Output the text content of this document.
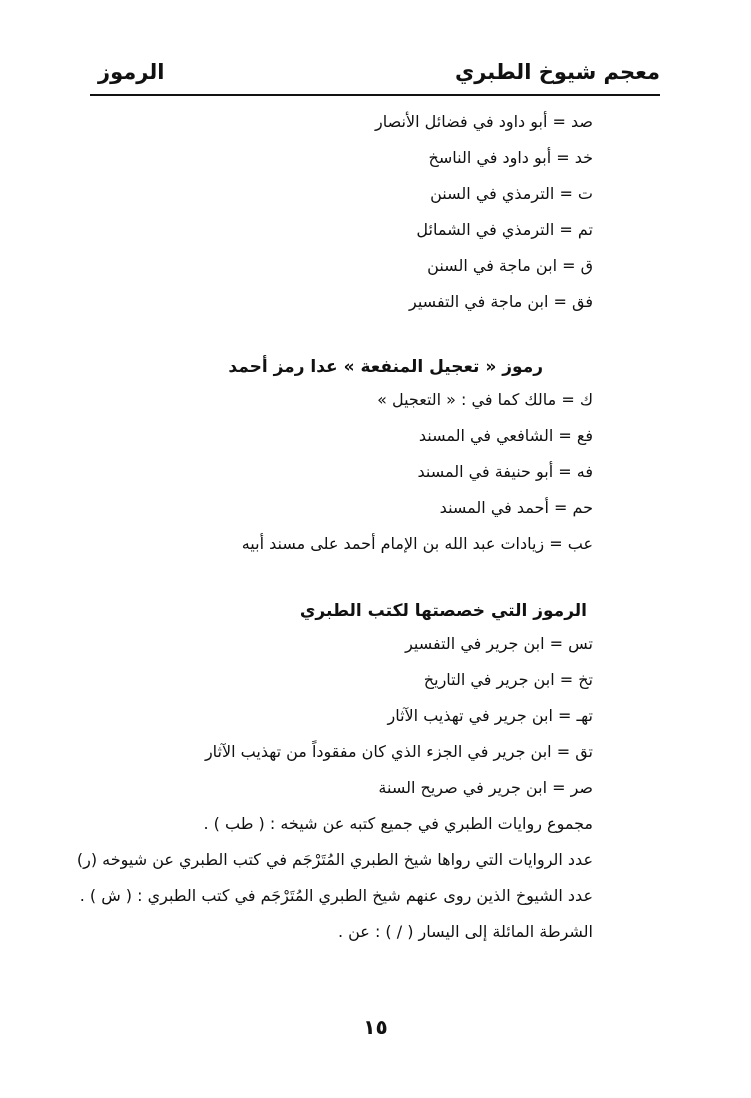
معجم شيوخ الطبري
الرموز
صد = أبو داود في فضائل الأنصار
خد = أبو داود في الناسخ
ت = الترمذي في السنن
تم = الترمذي في الشمائل
ق = ابن ماجة في السنن
فق = ابن ماجة في التفسير
رموز « تعجيل المنفعة » عدا رمز أحمد
ك = مالك كما في : « التعجيل »
فع = الشافعي في المسند
فه = أبو حنيفة في المسند
حم = أحمد في المسند
عب = زيادات عبد الله بن الإمام أحمد على مسند أبيه
الرموز التي خصصتها لكتب الطبري
تس = ابن جرير في التفسير
تخ = ابن جرير في التاريخ
تهـ = ابن جرير في تهذيب الآثار
تق = ابن جرير في الجزء الذي كان مفقوداً من تهذيب الآثار
صر = ابن جرير في صريح السنة
مجموع روايات الطبري في جميع كتبه عن شيخه : ( طب ) .
عدد الروايات التي رواها شيخ الطبري المُتَرْجَم في كتب الطبري عن شيوخه (ر)
عدد الشيوخ الذين روى عنهم شيخ الطبري المُتَرْجَم في كتب الطبري : ( ش ) .
الشرطة المائلة إلى اليسار ( / ) : عن .
١٥
